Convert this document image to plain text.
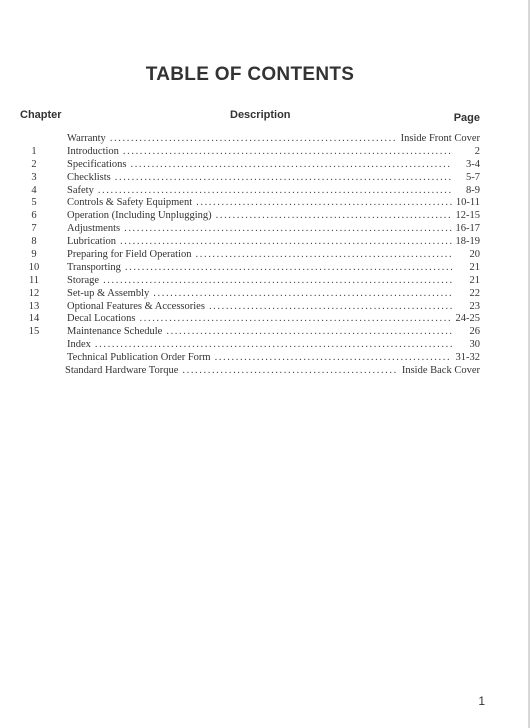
TABLE OF CONTENTS
Chapter	Description	Page
Warranty .....	Inside Front Cover
1	Introduction .....	2
2	Specifications .....	3-4
3	Checklists .....	5-7
4	Safety .....	8-9
5	Controls & Safety Equipment .....	10-11
6	Operation (Including Unplugging) .....	12-15
7	Adjustments .....	16-17
8	Lubrication .....	18-19
9	Preparing for Field Operation .....	20
10	Transporting .....	21
11	Storage .....	21
12	Set-up & Assembly .....	22
13	Optional Features & Accessories .....	23
14	Decal Locations .....	24-25
15	Maintenance Schedule .....	26
Index .....	30
Technical Publication Order Form .....	31-32
Standard Hardware Torque .....	Inside Back Cover
1
